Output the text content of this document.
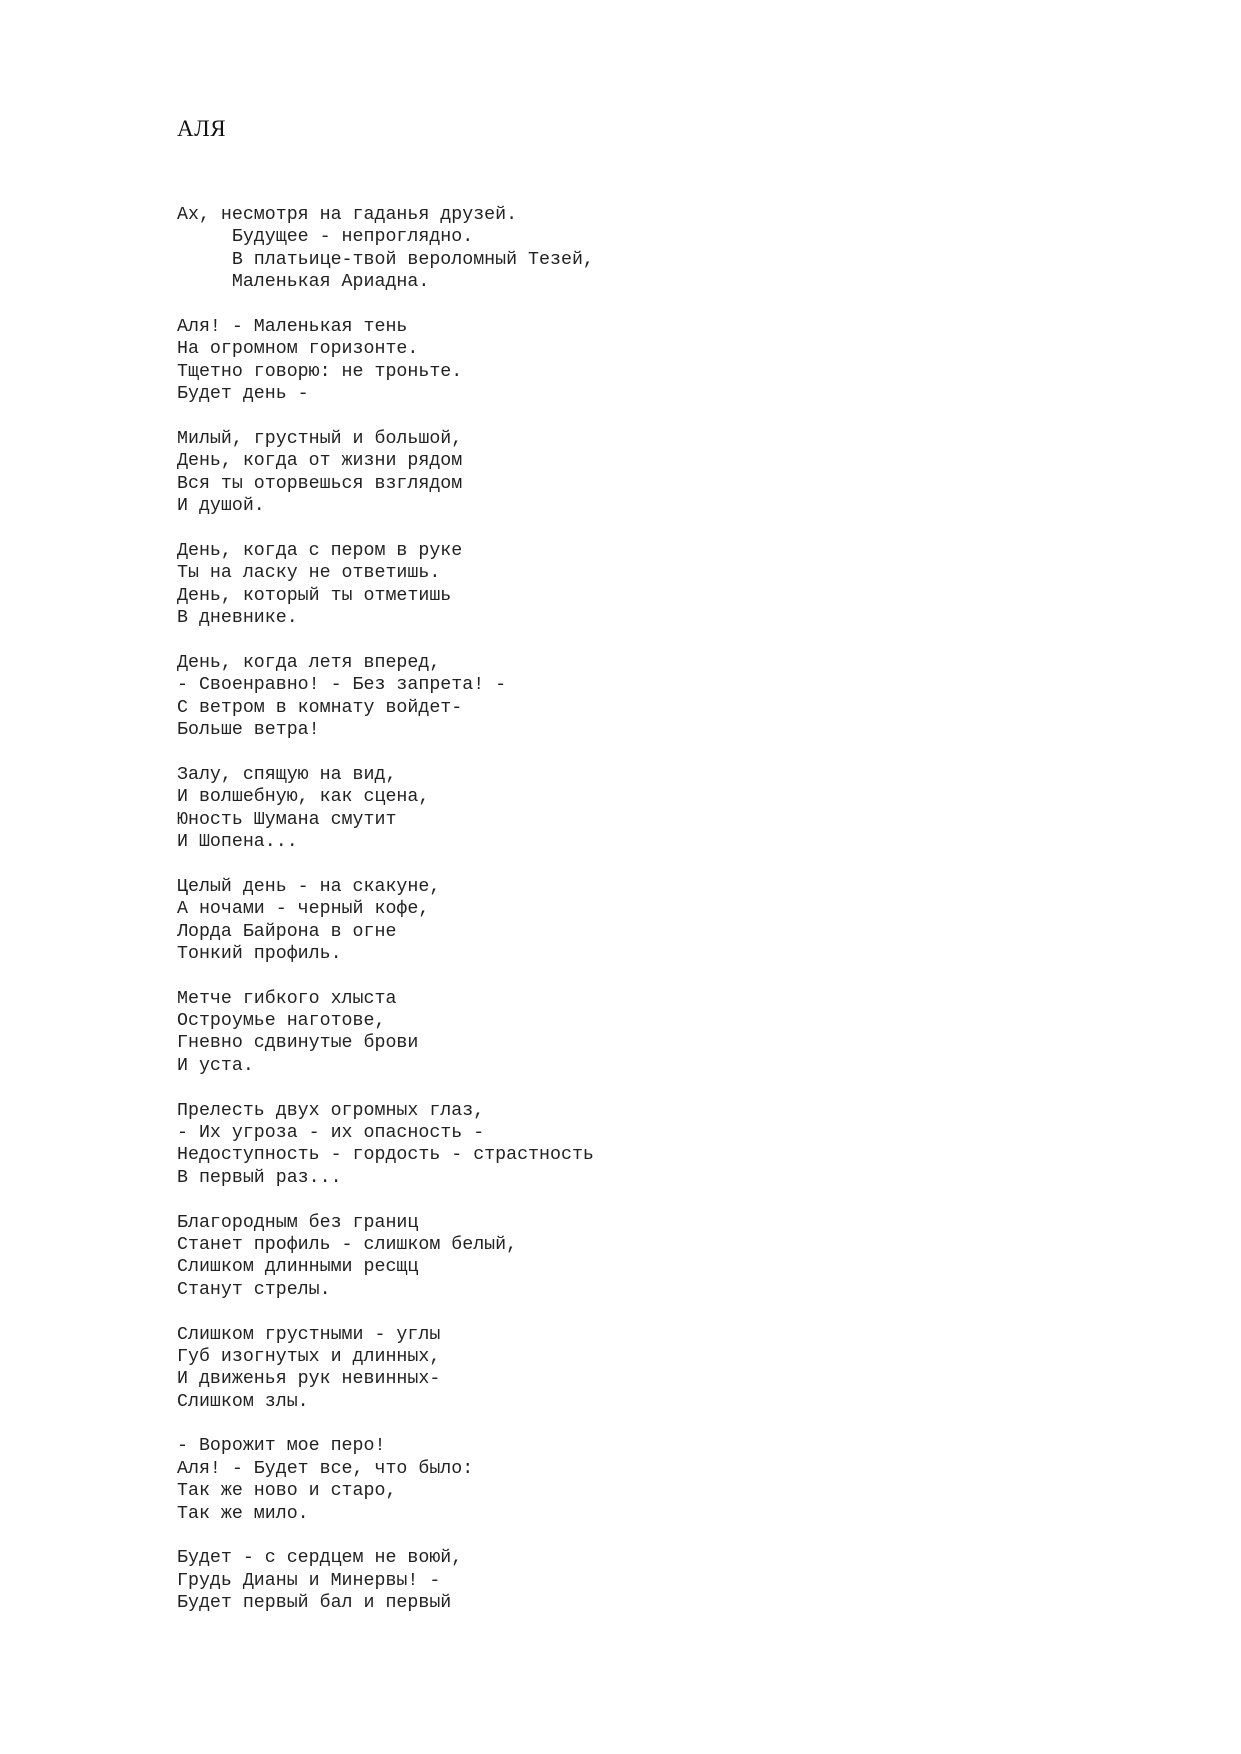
АЛЯ
Ах, несмотря на гаданья друзей.
Будущее - непроглядно.
В платьице-твой вероломный Тезей,
Маленькая Ариадна.
Аля! - Маленькая тень
На огромном горизонте.
Тщетно говорю: не троньте.
Будет день -
Милый, грустный и большой,
День, когда от жизни рядом
Вся ты оторвешься взглядом
И душой.
День, когда с пером в руке
Ты на ласку не ответишь.
День, который ты отметишь
В дневнике.
День, когда летя вперед,
- Своенравно! - Без запрета! -
С ветром в комнату войдет-
Больше ветра!
Залу, спящую на вид,
И волшебную, как сцена,
Юность Шумана смутит
И Шопена...
Целый день - на скакуне,
А ночами - черный кофе,
Лорда Байрона в огне
Тонкий профиль.
Метче гибкого хлыста
Остроумье наготове,
Гневно сдвинутые брови
И уста.
Прелесть двух огромных глаз,
- Их угроза - их опасность -
Недоступность - гордость - страстность
В первый раз...
Благородным без границ
Станет профиль - слишком белый,
Слишком длинными ресщц
Станут стрелы.
Слишком грустными - углы
Губ изогнутых и длинных,
И движенья рук невинных-
Слишком злы.
- Ворожит мое перо!
Аля! - Будет все, что было:
Так же ново и старо,
Так же мило.
Будет - с сердцем не воюй,
Грудь Дианы и Минервы! -
Будет первый бал и первый
